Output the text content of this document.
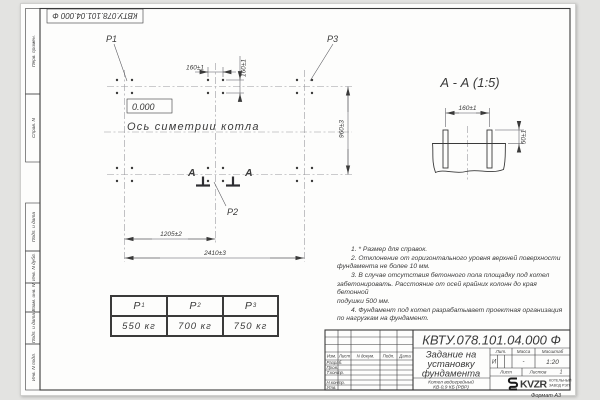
КВТУ.078.101.04.000 Ф
Перв. примен.
Справ. N
Подп. и дата
Инв. N дубл.
Взам. инв. N
Подп. и дата
Инв. N подл.
Формат А3
P1	P3
P2
0.000
Ось симетрии котла
160±1	160±1
960±3
1205±2
2410±3
А	А
А - А (1:5)
160±1
50±1
КВТУ.078.101.04.000 Ф
Задание на
установку
фундамента
Котел водогрейный
КВ-0,9 КБ (РВР)
Изм. Лист N докум. Подп. Дата
Разраб.
Пров.
Т.контр.
Н.контр.
Утв.
Лит. Масса Масштаб
И	-	1:20
Лист	Листов	1
KVZR КОТЕЛЬНЫЙ
ЗАВОД РЭП
P 1	P 2	P 3
550 кг	700 кг	750 кг
1. * Размер для справок.
2. Отклонение от горизонтального уровня верхней поверхности
фундамента не более 10 мм.
3. В случае отсутствия бетонного пола площадку под котел
забетонировать. Расстояние от осей крайних колонн до края бетонной
подушки 500 мм.
4. Фундамент под котел разрабатывает проектная организация
по нагрузкам на фундамент.
